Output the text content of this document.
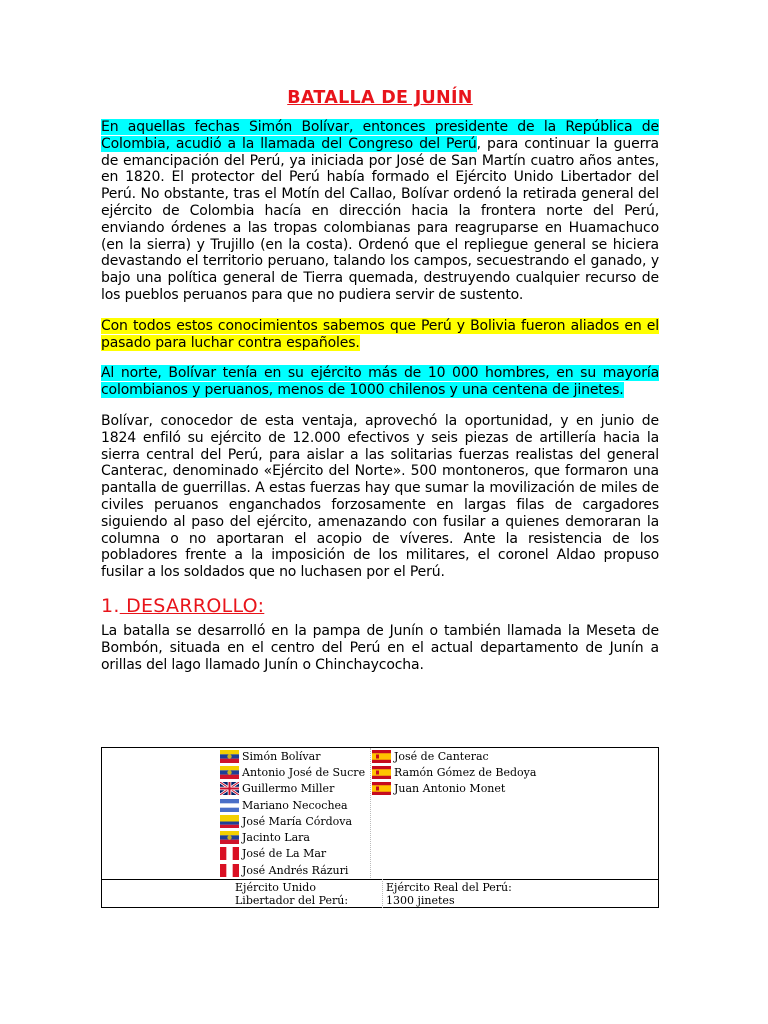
BATALLA DE JUNÍN

En aquellas fechas Simón Bolívar, entonces presidente de la República de Colombia, acudió a la llamada del Congreso del Perú, para continuar la guerra de emancipación del Perú, ya iniciada por José de San Martín cuatro años antes, en 1820. El protector del Perú había formado el Ejército Unido Libertador del Perú. No obstante, tras el Motín del Callao, Bolívar ordenó la retirada general del ejército de Colombia hacía en dirección hacia la frontera norte del Perú, enviando órdenes a las tropas colombianas para reagruparse en Huamachuco (en la sierra) y Trujillo (en la costa). Ordenó que el repliegue general se hiciera devastando el territorio peruano, talando los campos, secuestrando el ganado, y bajo una política general de Tierra quemada, destruyendo cualquier recurso de los pueblos peruanos para que no pudiera servir de sustento.

Con todos estos conocimientos sabemos que Perú y Bolivia fueron aliados en el pasado para luchar contra españoles.

Al norte, Bolívar tenía en su ejército más de 10 000 hombres, en su mayoría colombianos y peruanos, menos de 1000 chilenos y una centena de jinetes.

Bolívar, conocedor de esta ventaja, aprovechó la oportunidad, y en junio de 1824 enfiló su ejército de 12.000 efectivos y seis piezas de artillería hacia la sierra central del Perú, para aislar a las solitarias fuerzas realistas del general Canterac, denominado «Ejército del Norte». 500 montoneros, que formaron una pantalla de guerrillas. A estas fuerzas hay que sumar la movilización de miles de civiles peruanos enganchados forzosamente en largas filas de cargadores siguiendo al paso del ejército, amenazando con fusilar a quienes demoraran la columna o no aportaran el acopio de víveres. Ante la resistencia de los pobladores frente a la imposición de los militares, el coronel Aldao propuso fusilar a los soldados que no luchasen por el Perú.

1. DESARROLLO:

La batalla se desarrolló en la pampa de Junín o también llamada la Meseta de Bombón, situada en el centro del Perú en el actual departamento de Junín a orillas del lago llamado Junín o Chinchaycocha.

Simón Bolívar
Antonio José de Sucre
Guillermo Miller
Mariano Necochea
José María Córdova
Jacinto Lara
José de La Mar
José Andrés Rázuri
José de Canterac
Ramón Gómez de Bedoya
Juan Antonio Monet
Ejército Unido Libertador del Perú:
Ejército Real del Perú:
1300 jinetes
